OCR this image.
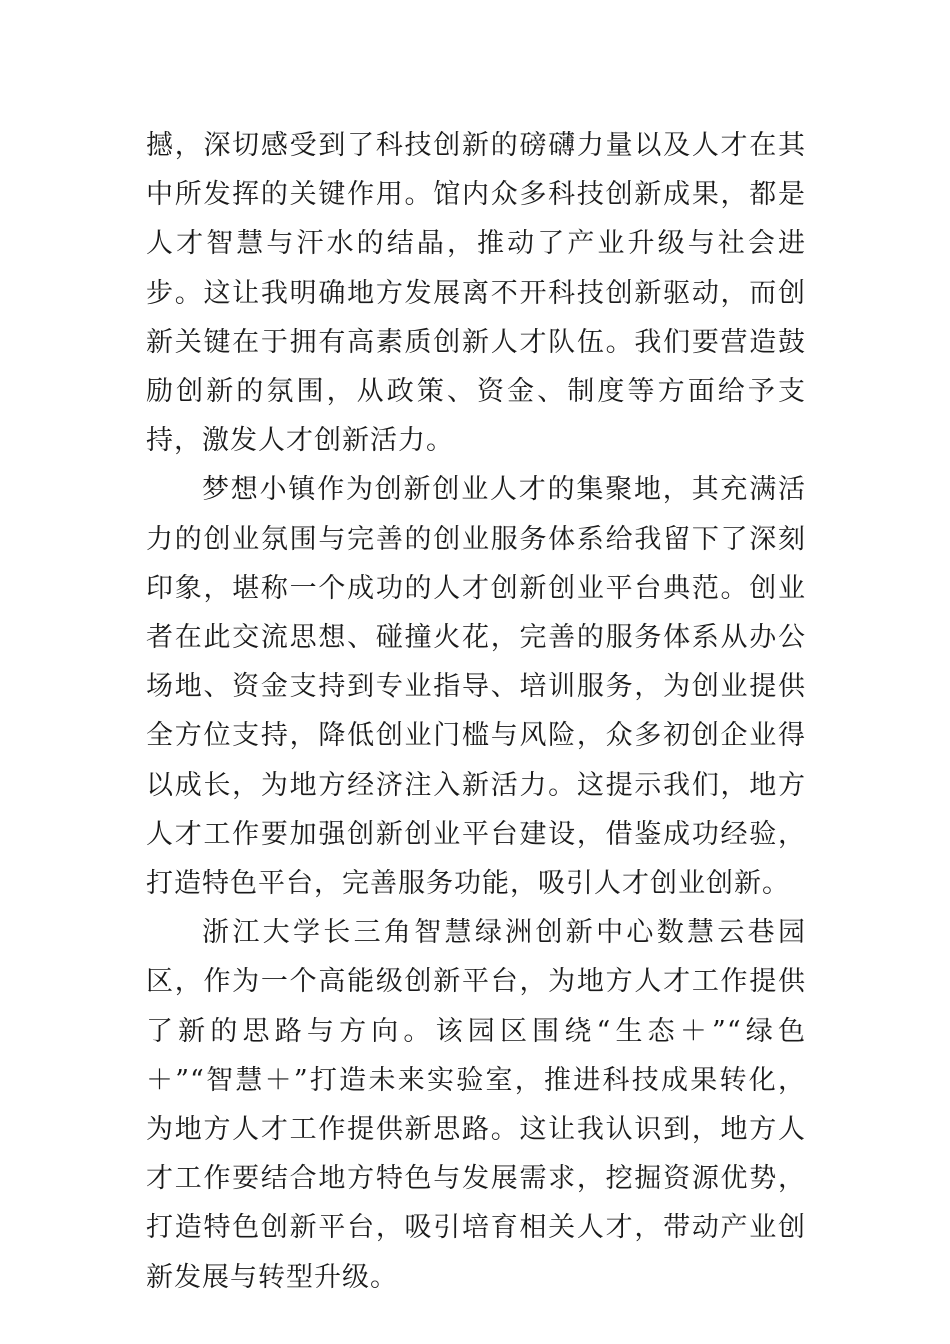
撼，深切感受到了科技创新的磅礴力量以及人才在其中所发挥的关键作用。馆内众多科技创新成果，都是人才智慧与汗水的结晶，推动了产业升级与社会进步。这让我明确地方发展离不开科技创新驱动，而创新关键在于拥有高素质创新人才队伍。我们要营造鼓励创新的氛围，从政策、资金、制度等方面给予支持，激发人才创新活力。

梦想小镇作为创新创业人才的集聚地，其充满活力的创业氛围与完善的创业服务体系给我留下了深刻印象，堪称一个成功的人才创新创业平台典范。创业者在此交流思想、碰撞火花，完善的服务体系从办公场地、资金支持到专业指导、培训服务，为创业提供全方位支持，降低创业门槛与风险，众多初创企业得以成长，为地方经济注入新活力。这提示我们，地方人才工作要加强创新创业平台建设，借鉴成功经验，打造特色平台，完善服务功能，吸引人才创业创新。

浙江大学长三角智慧绿洲创新中心数慧云巷园区，作为一个高能级创新平台，为地方人才工作提供了新的思路与方向。该园区围绕“生态＋”“绿色＋”“智慧＋”打造未来实验室，推进科技成果转化，为地方人才工作提供新思路。这让我认识到，地方人才工作要结合地方特色与发展需求，挖掘资源优势，打造特色创新平台，吸引培育相关人才，带动产业创新发展与转型升级。
